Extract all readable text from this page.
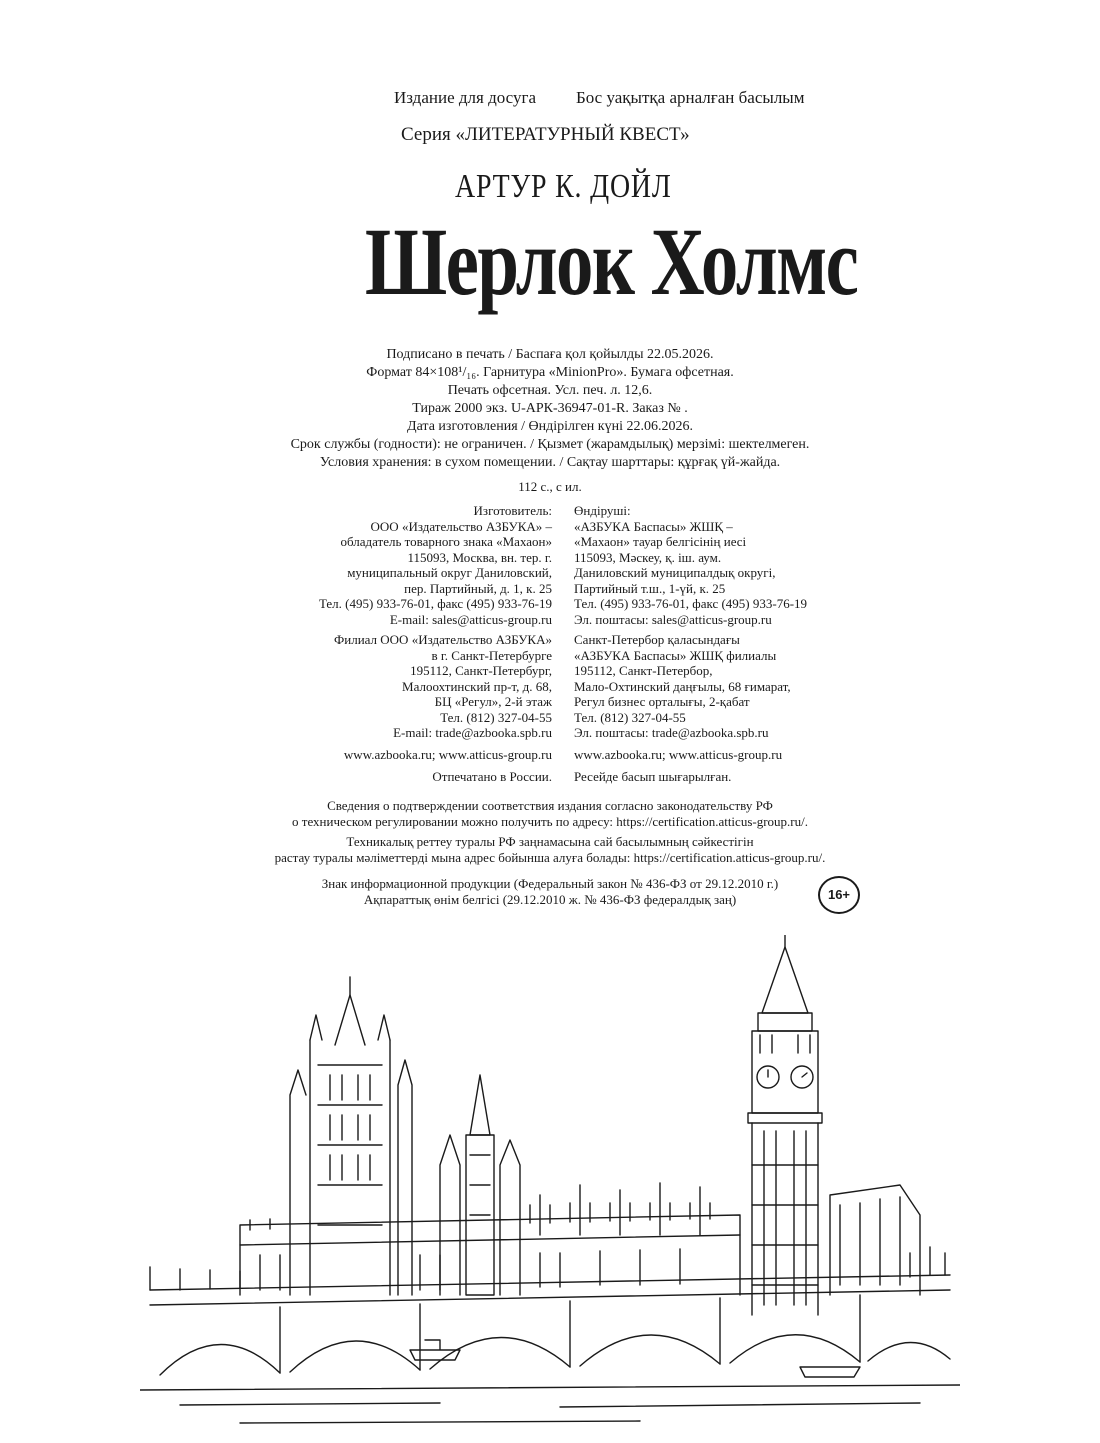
Издание для досуга Бос уақытқа арналған басылым
Серия «ЛИТЕРАТУРНЫЙ КВЕСТ»
АРТУР К. ДОЙЛ
Шерлок Холмс
Подписано в печать / Баспаға қол қойылды 22.05.2026.
Формат 84×108¹/₁₆. Гарнитура «MinionPro». Бумага офсетная.
Печать офсетная. Усл. печ. л. 12,6.
Тираж 2000 экз. U-АРК-36947-01-R. Заказ № .
Дата изготовления / Өндірілген күні 22.06.2026.
Срок службы (годности): не ограничен. / Қызмет (жарамдылық) мерзімі: шектелмеген.
Условия хранения: в сухом помещении. / Сақтау шарттары: құрғақ үй-жайда.
112 с., с ил.
Изготовитель:
ООО «Издательство АЗБУКА» –
обладатель товарного знака «Махаон»
115093, Москва, вн. тер. г.
муниципальный округ Даниловский,
пер. Партийный, д. 1, к. 25
Тел. (495) 933-76-01, факс (495) 933-76-19
E-mail: sales@atticus-group.ru
Өндіруші:
«АЗБУКА Баспасы» ЖШҚ –
«Махаон» тауар белгісінің иесі
115093, Мәскеу, қ. іш. аум.
Даниловский муниципалдық округі,
Партийный т.ш., 1-үй, к. 25
Тел. (495) 933-76-01, факс (495) 933-76-19
Эл. поштасы: sales@atticus-group.ru
Филиал ООО «Издательство АЗБУКА»
в г. Санкт-Петербурге
195112, Санкт-Петербург,
Малоохтинский пр-т, д. 68,
БЦ «Регул», 2-й этаж
Тел. (812) 327-04-55
E-mail: trade@azbooka.spb.ru
Санкт-Петербор қаласындағы
«АЗБУКА Баспасы» ЖШҚ филиалы
195112, Санкт-Петербор,
Мало-Охтинский даңғылы, 68 ғимарат,
Регул бизнес орталығы, 2-қабат
Тел. (812) 327-04-55
Эл. поштасы: trade@azbooka.spb.ru
www.azbooka.ru; www.atticus-group.ru www.azbooka.ru; www.atticus-group.ru
Отпечатано в России. Ресейде басып шығарылған.
Сведения о подтверждении соответствия издания согласно законодательству РФ
о техническом регулировании можно получить по адресу: https://certification.atticus-group.ru/.
Техникалық реттеу туралы РФ заңнамасына сай басылымның сәйкестігін
растау туралы мәліметтерді мына адрес бойынша алуға болады: https://certification.atticus-group.ru/.
Знак информационной продукции (Федеральный закон № 436-ФЗ от 29.12.2010 г.)
Ақпараттық өнім белгісі (29.12.2010 ж. № 436-ФЗ федералдық заң)	16+
